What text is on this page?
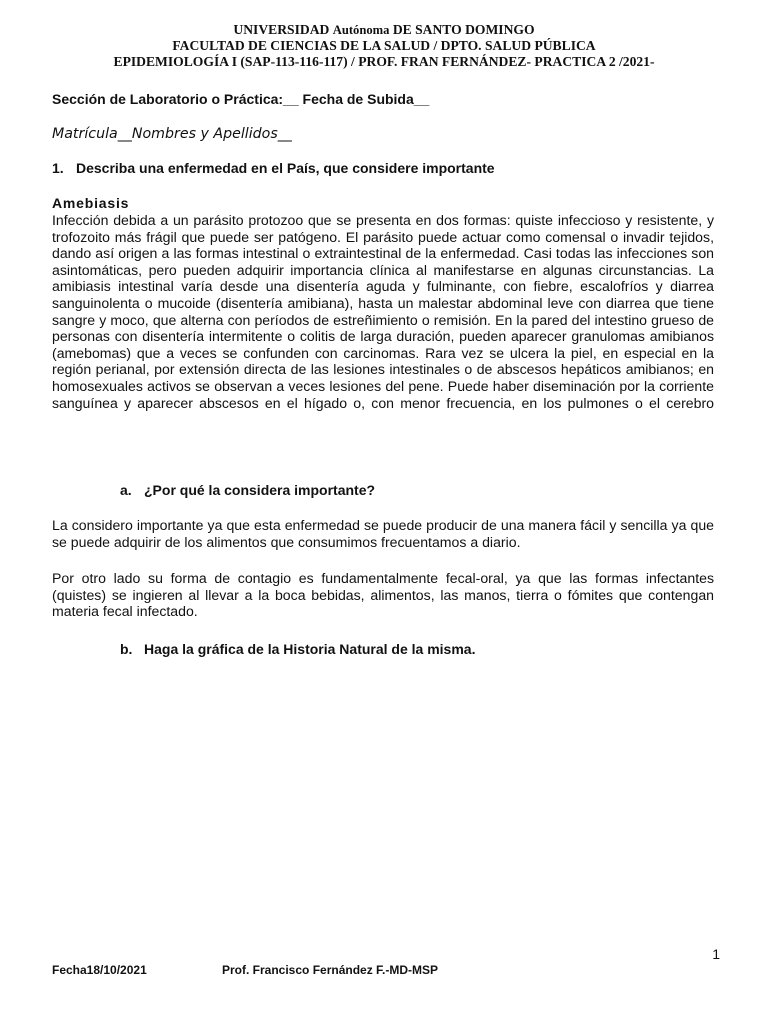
UNIVERSIDAD Autónoma DE SANTO DOMINGO
FACULTAD DE CIENCIAS DE LA SALUD / DPTO. SALUD PÚBLICA
EPIDEMIOLOGÍA I (SAP-113-116-117) / PROF. FRAN FERNÁNDEZ- PRACTICA 2 /2021-
Sección de Laboratorio o Práctica:__ Fecha de Subida__
Matrícula__Nombres y Apellidos__
1. Describa una enfermedad en el País, que considere importante
Amebiasis

Infección debida a un parásito protozoo que se presenta en dos formas: quiste infeccioso y resistente, y trofozoito más frágil que puede ser patógeno. El parásito puede actuar como comensal o invadir tejidos, dando así origen a las formas intestinal o extraintestinal de la enfermedad. Casi todas las infecciones son asintomáticas, pero pueden adquirir importancia clínica al manifestarse en algunas circunstancias. La amibiasis intestinal varía desde una disentería aguda y fulminante, con fiebre, escalofríos y diarrea sanguinolenta o mucoide (disentería amibiana), hasta un malestar abdominal leve con diarrea que tiene sangre y moco, que alterna con períodos de estreñimiento o remisión. En la pared del intestino grueso de personas con disentería intermitente o colitis de larga duración, pueden aparecer granulomas amibianos (amebomas) que a veces se confunden con carcinomas. Rara vez se ulcera la piel, en especial en la región perianal, por extensión directa de las lesiones intestinales o de abscesos hepáticos amibianos; en homosexuales activos se observan a veces lesiones del pene. Puede haber diseminación por la corriente sanguínea y aparecer abscesos en el hígado o, con menor frecuencia, en los pulmones o el cerebro

a. ¿Por qué la considera importante?

La considero importante ya que esta enfermedad se puede producir de una manera fácil y sencilla ya que se puede adquirir de los alimentos que consumimos frecuentamos a diario.

Por otro lado su forma de contagio es fundamentalmente fecal-oral, ya que las formas infectantes (quistes) se ingieren al llevar a la boca bebidas, alimentos, las manos, tierra o fómites que contengan materia fecal infectado.

b. Haga la gráfica de la Historia Natural de la misma.
1
Fecha18/10/2021	Prof. Francisco Fernández F.-MD-MSP
